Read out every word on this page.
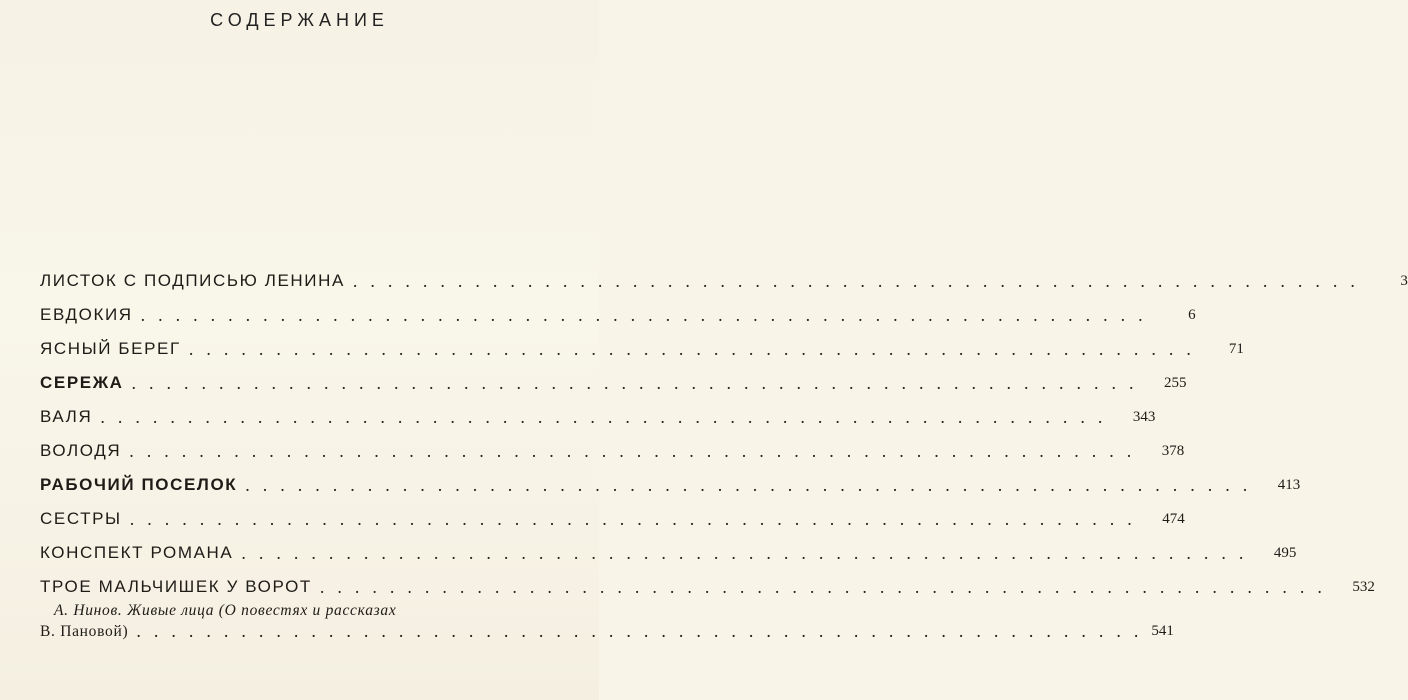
СОДЕРЖАНИЕ
ЛИСТОК С ПОДПИСЬЮ ЛЕНИНА ..........................................................	3
ЕВДОКИЯ ..........................................................	6
ЯСНЫЙ БЕРЕГ ..........................................................	71
СЕРЕЖА ..........................................................	255
ВАЛЯ ..........................................................	343
ВОЛОДЯ ..........................................................	378
РАБОЧИЙ ПОСЕЛОК ..........................................................	413
СЕСТРЫ ..........................................................	474
КОНСПЕКТ РОМАНА ..........................................................	495
ТРОЕ МАЛЬЧИШЕК У ВОРОТ ..........................................................	532
А. Нинов. Живые лица (О повестях и рассказах
В. Пановой) .......................................................... 541
